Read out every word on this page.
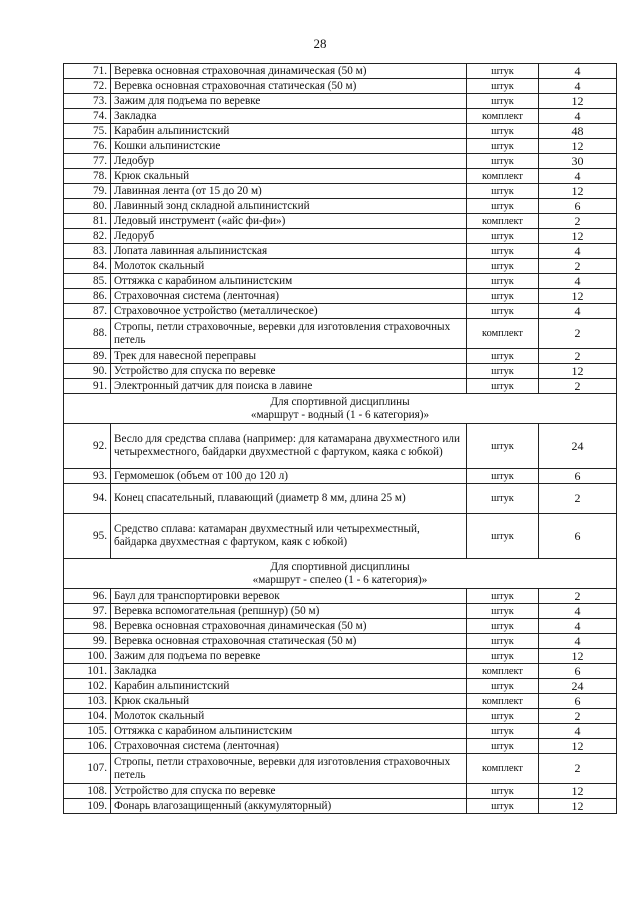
28
71.	Веревка основная страховочная динамическая (50 м)	штук	4
72.	Веревка основная страховочная статическая (50 м)	штук	4
73.	Зажим для подъема по веревке	штук	12
74.	Закладка	комплект	4
75.	Карабин альпинистский	штук	48
76.	Кошки альпинистские	штук	12
77.	Ледобур	штук	30
78.	Крюк скальный	комплект	4
79.	Лавинная лента (от 15 до 20 м)	штук	12
80.	Лавинный зонд складной альпинистский	штук	6
81.	Ледовый инструмент («айс фи-фи»)	комплект	2
82.	Ледоруб	штук	12
83.	Лопата лавинная альпинистская	штук	4
84.	Молоток скальный	штук	2
85.	Оттяжка с карабином альпинистским	штук	4
86.	Страховочная система (ленточная)	штук	12
87.	Страховочное устройство (металлическое)	штук	4
88.	Стропы, петли страховочные, веревки для изготовления страховочных петель	комплект	2
89.	Трек для навесной переправы	штук	2
90.	Устройство для спуска по веревке	штук	12
91.	Электронный датчик для поиска в лавине	штук	2

Для спортивной дисциплины
«маршрут - водный (1 - 6 категория)»			

92.	Весло для средства сплава (например: для катамарана двухместного или четырехместного, байдарки двухместной с фартуком, каяка с юбкой)	штук	24
93.	Гермомешок (объем от 100 до 120 л)	штук	6
94.	Конец спасательный, плавающий (диаметр 8 мм, длина 25 м)	штук	2
95.	Средство сплава: катамаран двухместный или четырехместный, байдарка двухместная с фартуком, каяк с юбкой)	штук	6

Для спортивной дисциплины
«маршрут - спелео (1 - 6 категория)»			

96.	Баул для транспортировки веревок	штук	2
97.	Веревка вспомогательная (репшнур) (50 м)	штук	4
98.	Веревка основная страховочная динамическая (50 м)	штук	4
99.	Веревка основная страховочная статическая (50 м)	штук	4
100.	Зажим для подъема по веревке	штук	12
101.	Закладка	комплект	6
102.	Карабин альпинистский	штук	24
103.	Крюк скальный	комплект	6
104.	Молоток скальный	штук	2
105.	Оттяжка с карабином альпинистским	штук	4
106.	Страховочная система (ленточная)	штук	12
107.	Стропы, петли страховочные, веревки для изготовления страховочных петель	комплект	2
108.	Устройство для спуска по веревке	штук	12
109.	Фонарь влагозащищенный (аккумуляторный)	штук	12
